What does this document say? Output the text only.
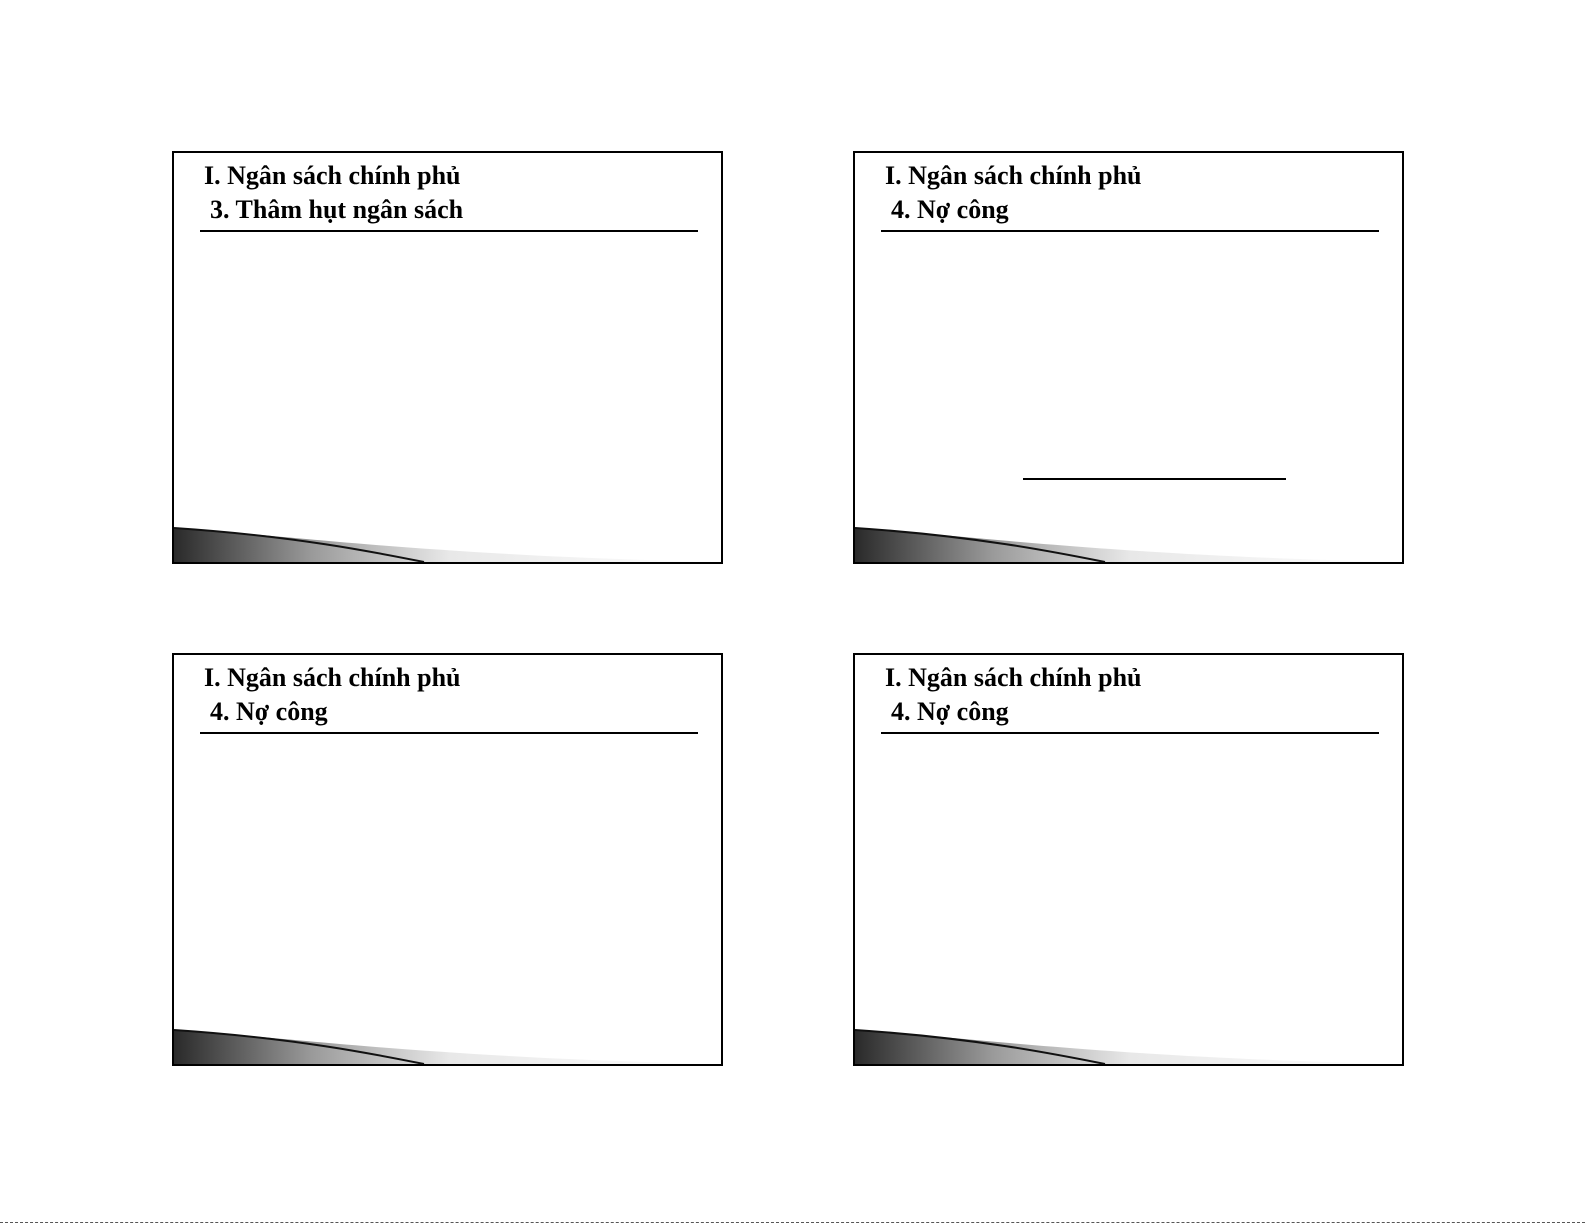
I. Ngân sách chính phủ
3. Thâm hụt ngân sách
I. Ngân sách chính phủ
4. Nợ công
I. Ngân sách chính phủ
4. Nợ công
I. Ngân sách chính phủ
4. Nợ công
